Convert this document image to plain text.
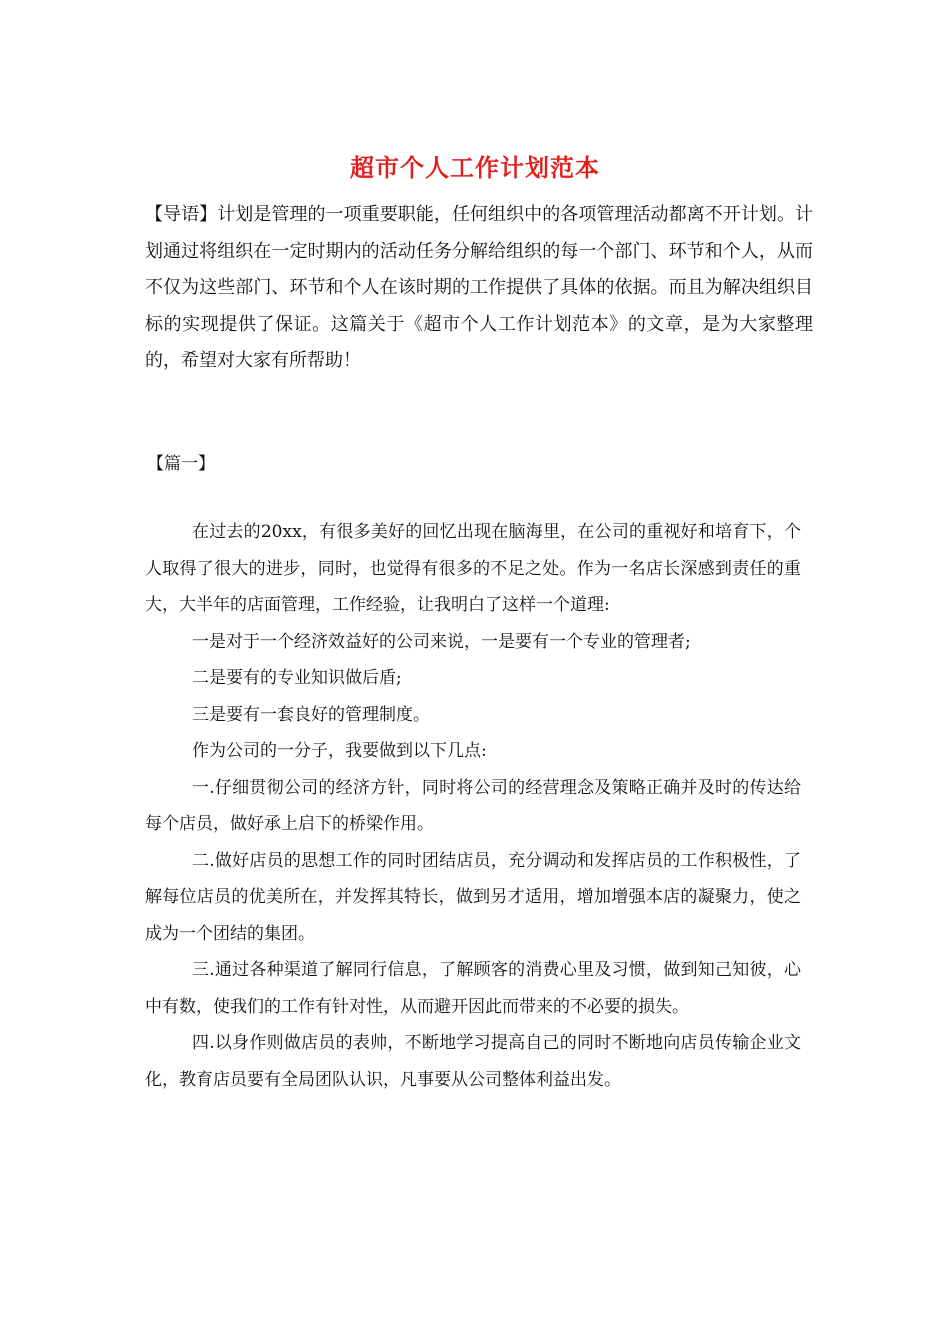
超市个人工作计划范本
【导语】计划是管理的一项重要职能，任何组织中的各项管理活动都离不开计划。计划通过将组织在一定时期内的活动任务分解给组织的每一个部门、环节和个人，从而不仅为这些部门、环节和个人在该时期的工作提供了具体的依据。而且为解决组织目标的实现提供了保证。这篇关于《超市个人工作计划范本》的文章，是为大家整理的，希望对大家有所帮助！
【篇一】

在过去的20xx，有很多美好的回忆出现在脑海里，在公司的重视好和培育下，个人取得了很大的进步，同时，也觉得有很多的不足之处。作为一名店长深感到责任的重大，大半年的店面管理，工作经验，让我明白了这样一个道理:

一是对于一个经济效益好的公司来说，一是要有一个专业的管理者;

二是要有的专业知识做后盾;

三是要有一套良好的管理制度。

作为公司的一分子，我要做到以下几点:

一.仔细贯彻公司的经济方针，同时将公司的经营理念及策略正确并及时的传达给每个店员，做好承上启下的桥梁作用。

二.做好店员的思想工作的同时团结店员，充分调动和发挥店员的工作积极性，了解每位店员的优美所在，并发挥其特长，做到另才适用，增加增强本店的凝聚力，使之成为一个团结的集团。

三.通过各种渠道了解同行信息，了解顾客的消费心里及习惯，做到知己知彼，心中有数，使我们的工作有针对性，从而避开因此而带来的不必要的损失。

四.以身作则做店员的表帅，不断地学习提高自己的同时不断地向店员传输企业文化，教育店员要有全局团队认识，凡事要从公司整体利益出发。
